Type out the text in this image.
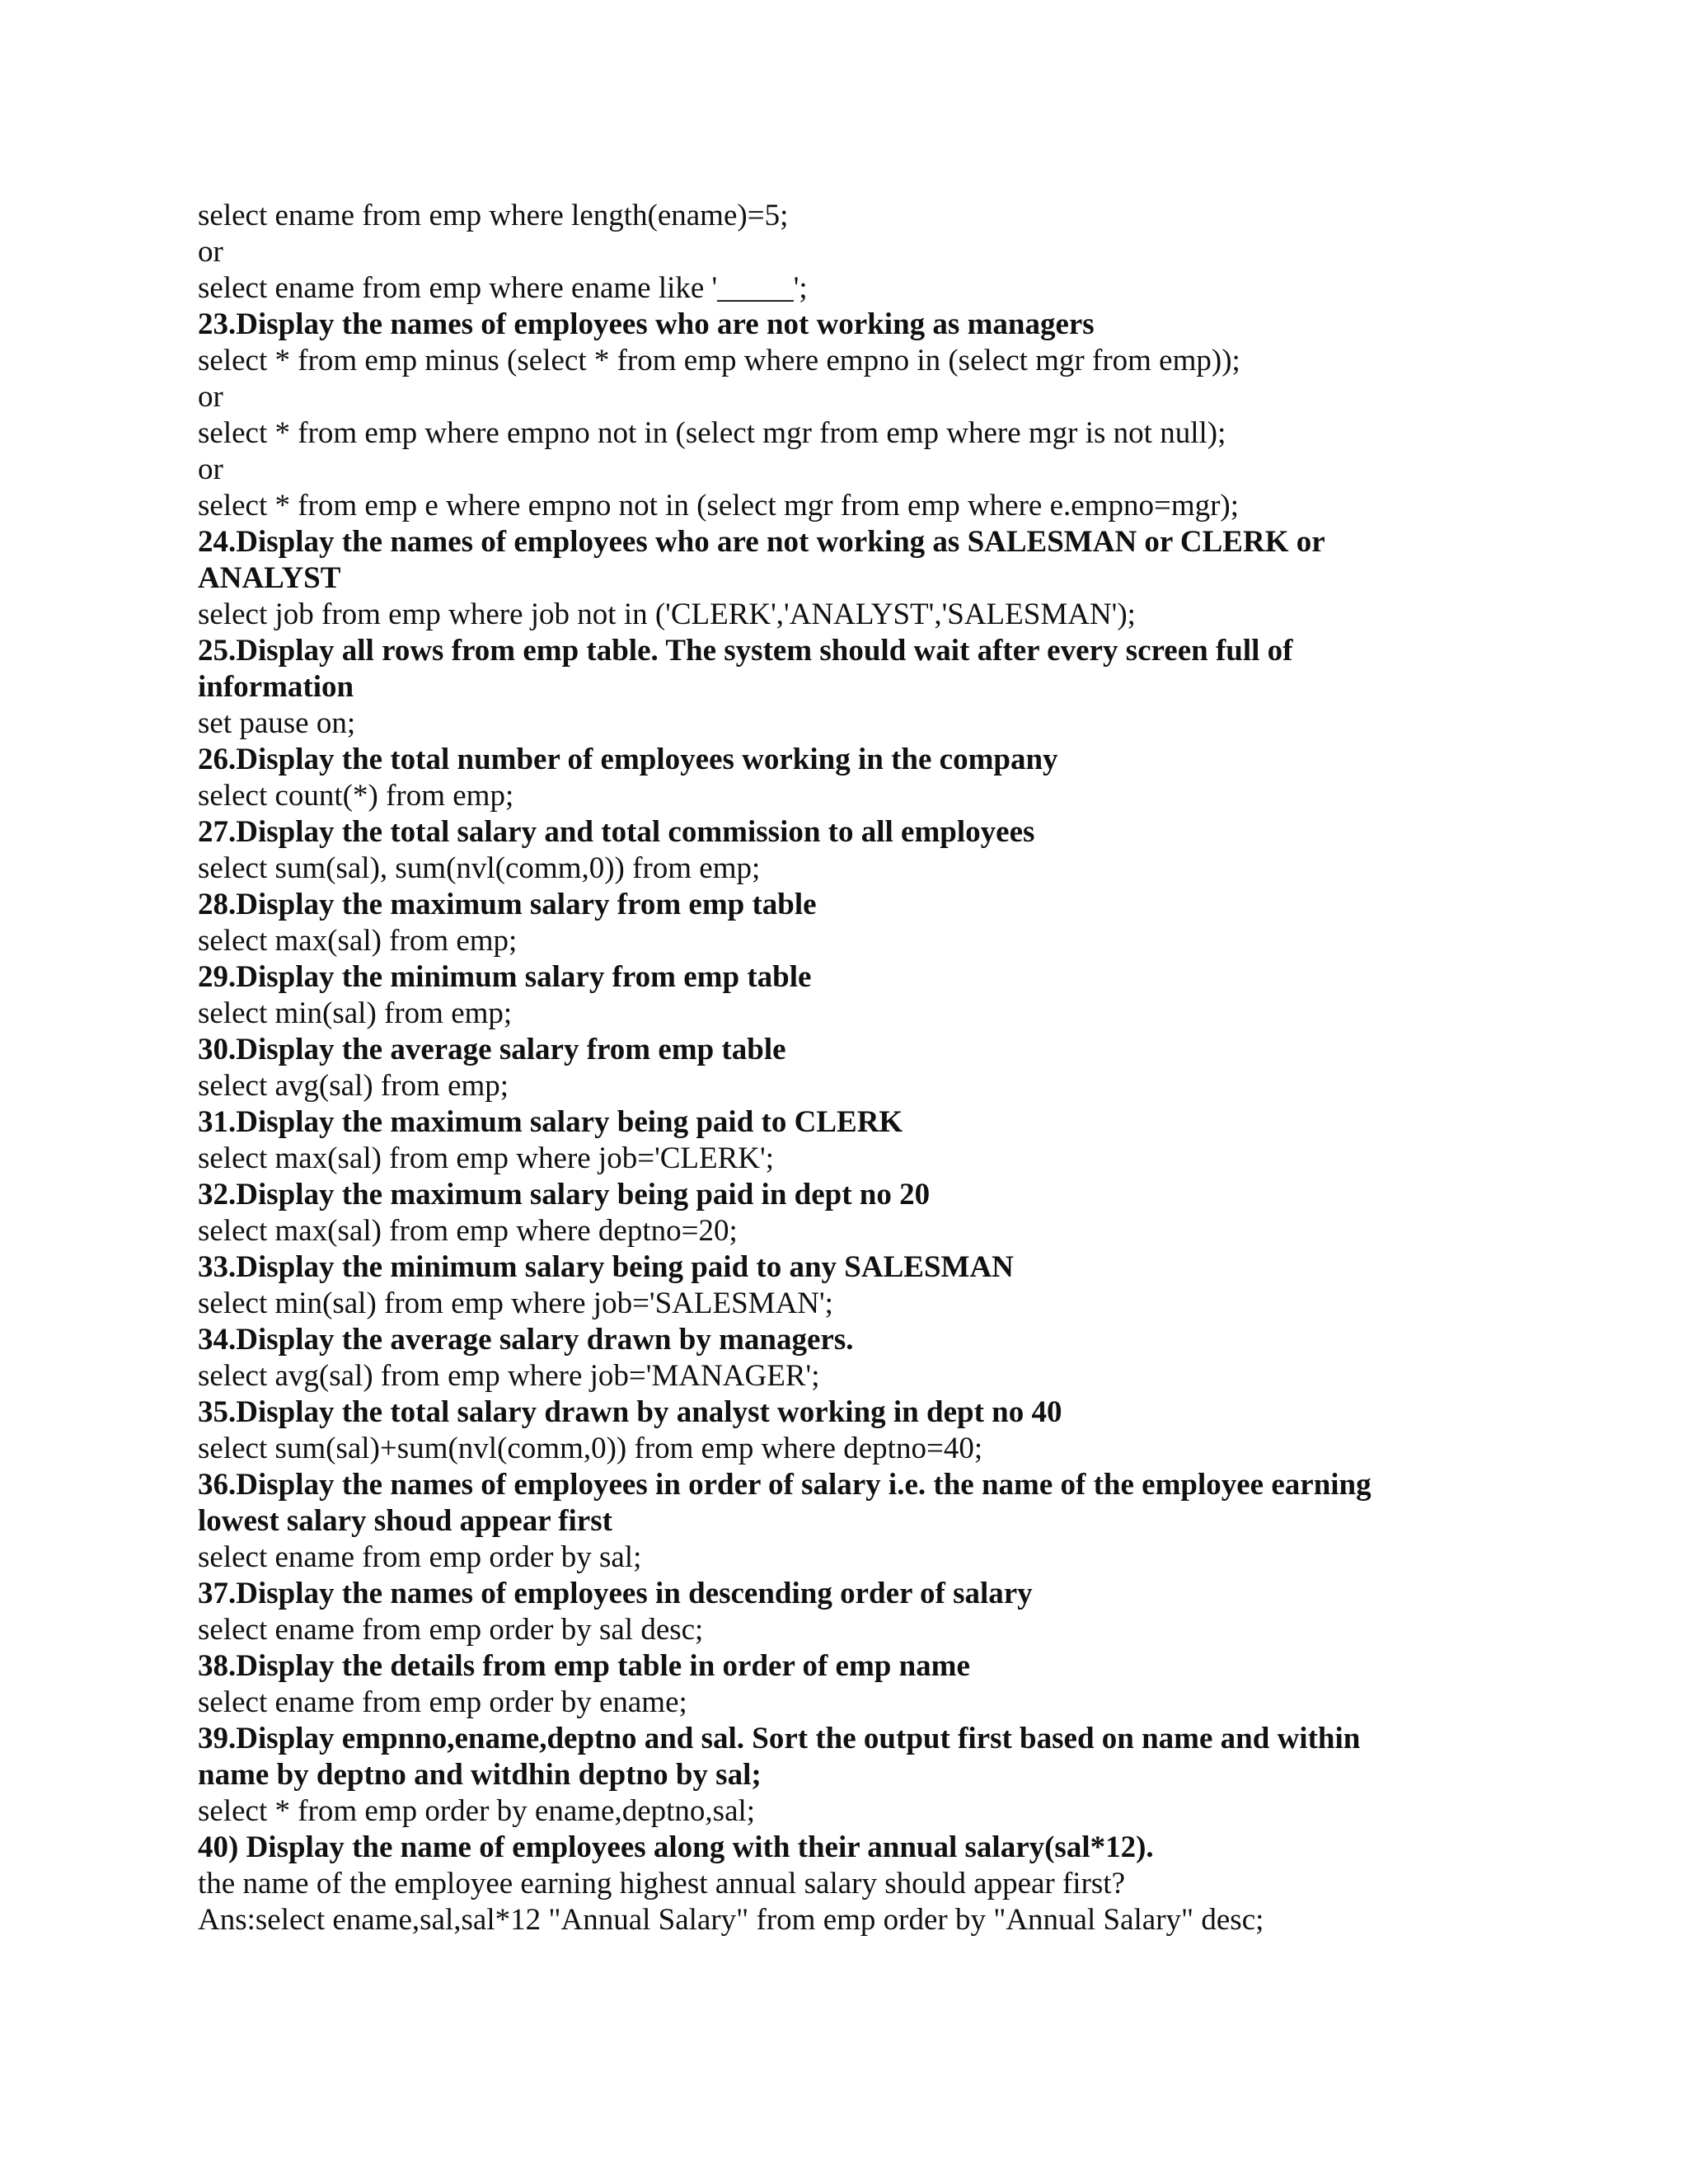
select ename from emp where length(ename)=5;

or

select ename from emp where ename like '_____';

23.Display the names of employees who are not working as managers

select * from emp minus (select * from emp where empno in (select mgr from emp));

or

select * from emp where empno not in (select mgr from emp where mgr is not null);

or

select * from emp e where empno not in (select mgr from emp where e.empno=mgr);

24.Display the names of employees who are not working as SALESMAN or CLERK or

ANALYST

select job from emp where job not in ('CLERK','ANALYST','SALESMAN');

25.Display all rows from emp table. The system should wait after every screen full of

information

set pause on;

26.Display the total number of employees working in the company

select count(*) from emp;

27.Display the total salary and total commission to all employees

select sum(sal), sum(nvl(comm,0)) from emp;

28.Display the maximum salary from emp table

select max(sal) from emp;

29.Display the minimum salary from emp table

select min(sal) from emp;

30.Display the average salary from emp table

select avg(sal) from emp;

31.Display the maximum salary being paid to CLERK

select max(sal) from emp where job='CLERK';

32.Display the maximum salary being paid in dept no 20

select max(sal) from emp where deptno=20;

33.Display the minimum salary being paid to any SALESMAN

select min(sal) from emp where job='SALESMAN';

34.Display the average salary drawn by managers.

select avg(sal) from emp where job='MANAGER';

35.Display the total salary drawn by analyst working in dept no 40

select sum(sal)+sum(nvl(comm,0)) from emp where deptno=40;

36.Display the names of employees in order of salary i.e. the name of the employee earning

lowest salary shoud appear first

select ename from emp order by sal;

37.Display the names of employees in descending order of salary

select ename from emp order by sal desc;

38.Display the details from emp table in order of emp name

select ename from emp order by ename;

39.Display empnno,ename,deptno and sal. Sort the output first based on name and within

name by deptno and witdhin deptno by sal;

select * from emp order by ename,deptno,sal;

40) Display the name of employees along with their annual salary(sal*12).

the name of the employee earning highest annual salary should appear first?

Ans:select ename,sal,sal*12 "Annual Salary" from emp order by "Annual Salary" desc;
